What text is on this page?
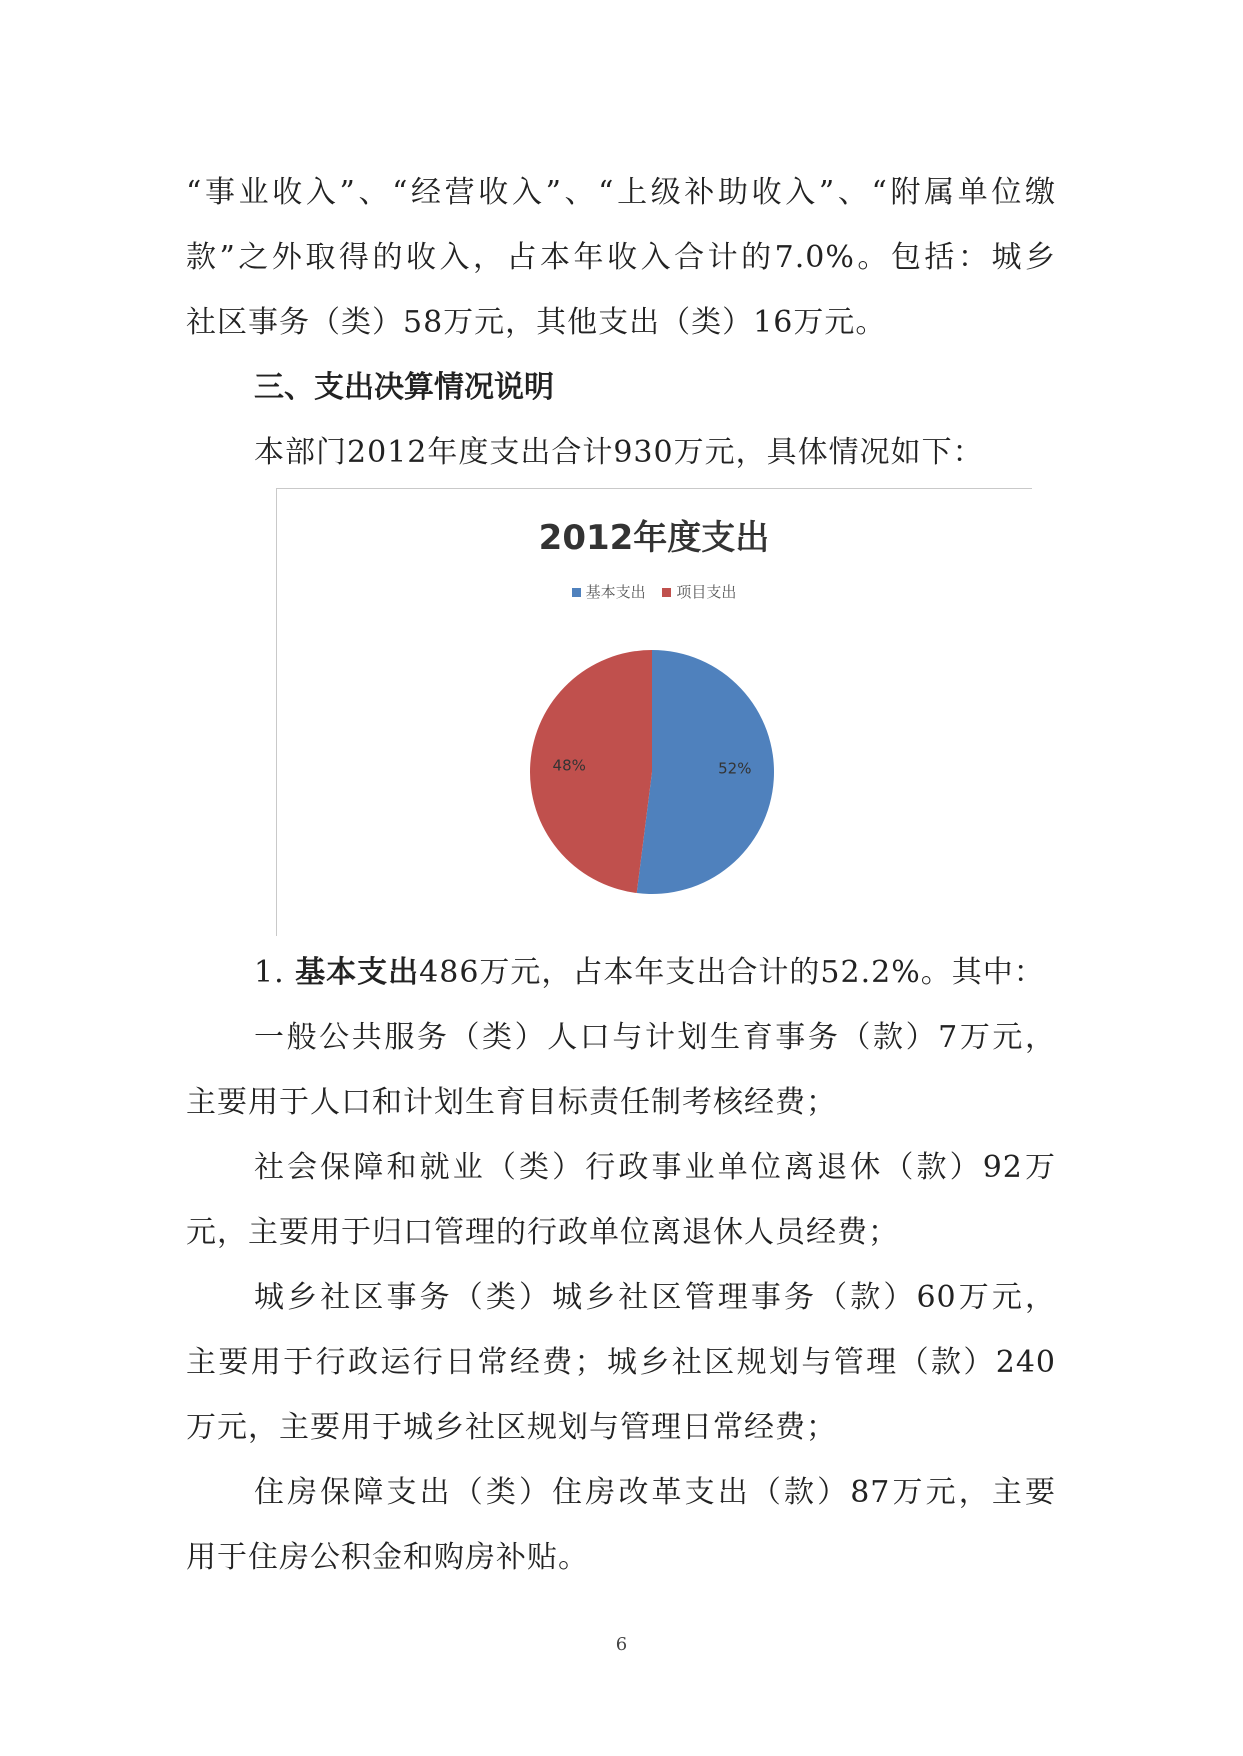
“事业收入”、“经营收入”、“上级补助收入”、“附属单位缴
款”之外取得的收入，占本年收入合计的7.0%。包括：城乡
社区事务（类）58万元，其他支出（类）16万元。
三、支出决算情况说明
本部门2012年度支出合计930万元，具体情况如下：
2012年度支出
基本支出 项目支出
52%
48%
1. 基本支出486万元，占本年支出合计的52.2%。其中：
一般公共服务（类）人口与计划生育事务（款）7万元，
主要用于人口和计划生育目标责任制考核经费；
社会保障和就业（类）行政事业单位离退休（款）92万
元，主要用于归口管理的行政单位离退休人员经费；
城乡社区事务（类）城乡社区管理事务（款）60万元，
主要用于行政运行日常经费；城乡社区规划与管理（款）240
万元，主要用于城乡社区规划与管理日常经费；
住房保障支出（类）住房改革支出（款）87万元，主要
用于住房公积金和购房补贴。
6
